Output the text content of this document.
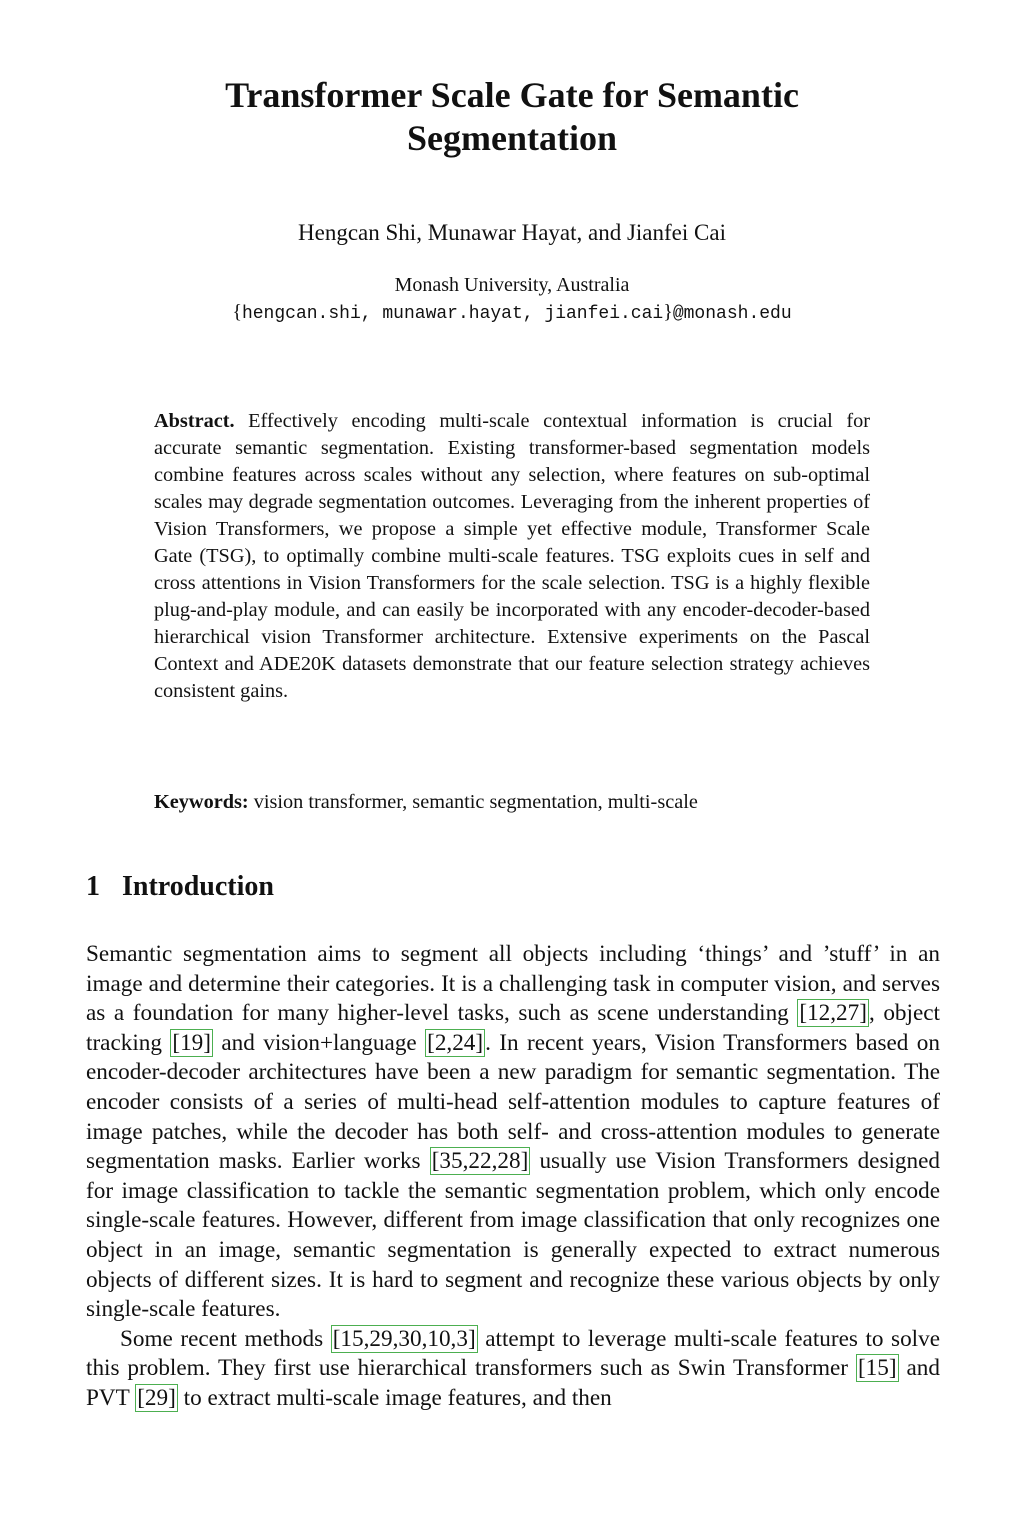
Transformer Scale Gate for Semantic Segmentation
Hengcan Shi, Munawar Hayat, and Jianfei Cai
Monash University, Australia
{hengcan.shi, munawar.hayat, jianfei.cai}@monash.edu

Abstract. Effectively encoding multi-scale contextual information is crucial for accurate semantic segmentation. Existing transformer-based segmentation models combine features across scales without any selection, where features on sub-optimal scales may degrade segmentation outcomes. Leveraging from the inherent properties of Vision Transformers, we propose a simple yet effective module, Transformer Scale Gate (TSG), to optimally combine multi-scale features. TSG exploits cues in self and cross attentions in Vision Transformers for the scale selection. TSG is a highly flexible plug-and-play module, and can easily be incorporated with any encoder-decoder-based hierarchical vision Transformer architecture. Extensive experiments on the Pascal Context and ADE20K datasets demonstrate that our feature selection strategy achieves consistent gains.

Keywords: vision transformer, semantic segmentation, multi-scale

1 Introduction

Semantic segmentation aims to segment all objects including ‘things’ and ’stuff’ in an image and determine their categories. It is a challenging task in computer vision, and serves as a foundation for many higher-level tasks, such as scene understanding [12,27], object tracking [19] and vision+language [2,24]. In recent years, Vision Transformers based on encoder-decoder architectures have been a new paradigm for semantic segmentation. The encoder consists of a series of multi-head self-attention modules to capture features of image patches, while the decoder has both self- and cross-attention modules to generate segmentation masks. Earlier works [35,22,28] usually use Vision Transformers designed for image classification to tackle the semantic segmentation problem, which only encode single-scale features. However, different from image classification that only recognizes one object in an image, semantic segmentation is generally expected to extract numerous objects of different sizes. It is hard to segment and recognize these various objects by only single-scale features.

Some recent methods [15,29,30,10,3] attempt to leverage multi-scale features to solve this problem. They first use hierarchical transformers such as Swin Transformer [15] and PVT [29] to extract multi-scale image features, and then
